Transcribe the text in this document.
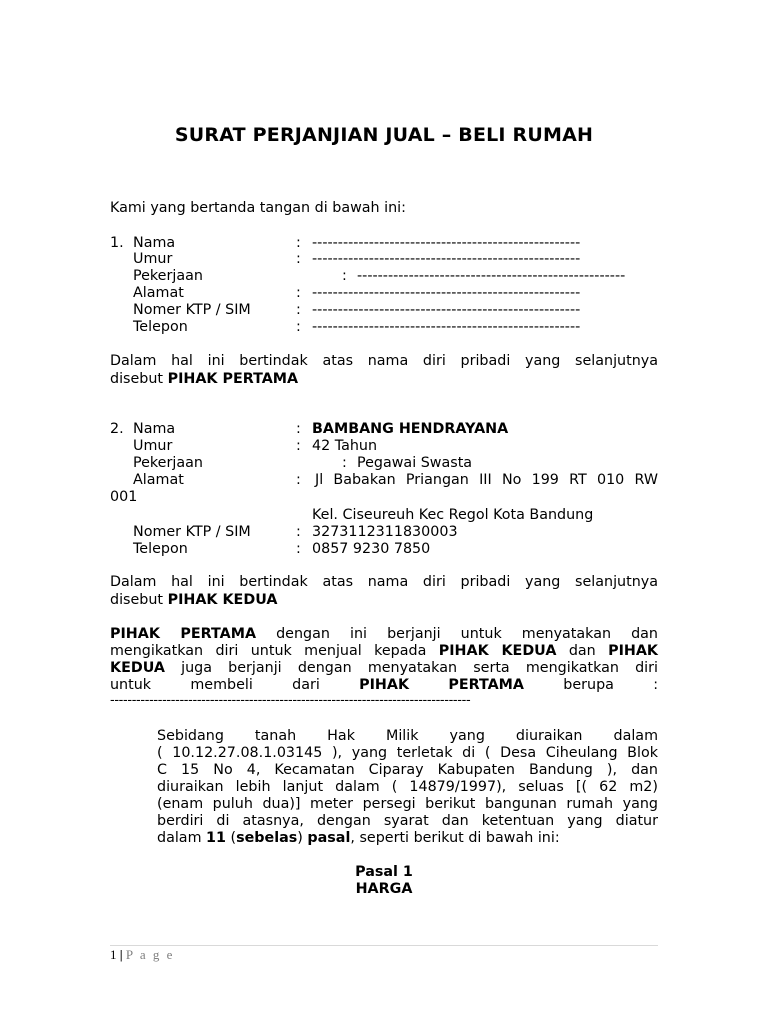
SURAT PERJANJIAN JUAL – BELI RUMAH
Kami yang bertanda tangan di bawah ini:
1. Nama	: ----------------------------------------------------
Umur	: ----------------------------------------------------
Pekerjaan	: ----------------------------------------------------
Alamat	: ----------------------------------------------------
Nomer KTP / SIM	: ----------------------------------------------------
Telepon	: ----------------------------------------------------
Dalam hal ini bertindak atas nama diri pribadi yang selanjutnya
disebut PIHAK PERTAMA
2. Nama	: BAMBANG HENDRAYANA
Umur	: 42 Tahun
Pekerjaan	: Pegawai Swasta
Alamat	: Jl Babakan Priangan III No 199 RT 010 RW
001
Kel. Ciseureuh Kec Regol Kota Bandung
Nomer KTP / SIM	: 3273112311830003
Telepon	: 0857 9230 7850
Dalam hal ini bertindak atas nama diri pribadi yang selanjutnya
disebut PIHAK KEDUA
PIHAK PERTAMA dengan ini berjanji untuk menyatakan dan
mengikatkan diri untuk menjual kepada PIHAK KEDUA dan PIHAK
KEDUA juga berjanji dengan menyatakan serta mengikatkan diri
untuk	membeli	dari	PIHAK	PERTAMA	berupa	:
-----------------------------------------------------------------------------------
Sebidang tanah Hak Milik yang diuraikan dalam
( 10.12.27.08.1.03145 ), yang terletak di ( Desa Ciheulang Blok
C 15 No 4, Kecamatan Ciparay Kabupaten Bandung ), dan
diuraikan lebih lanjut dalam ( 14879/1997), seluas [( 62 m2)
(enam puluh dua)] meter persegi berikut bangunan rumah yang
berdiri di atasnya, dengan syarat dan ketentuan yang diatur
dalam 11 (sebelas) pasal, seperti berikut di bawah ini:
Pasal 1
HARGA
1 | P a g e
